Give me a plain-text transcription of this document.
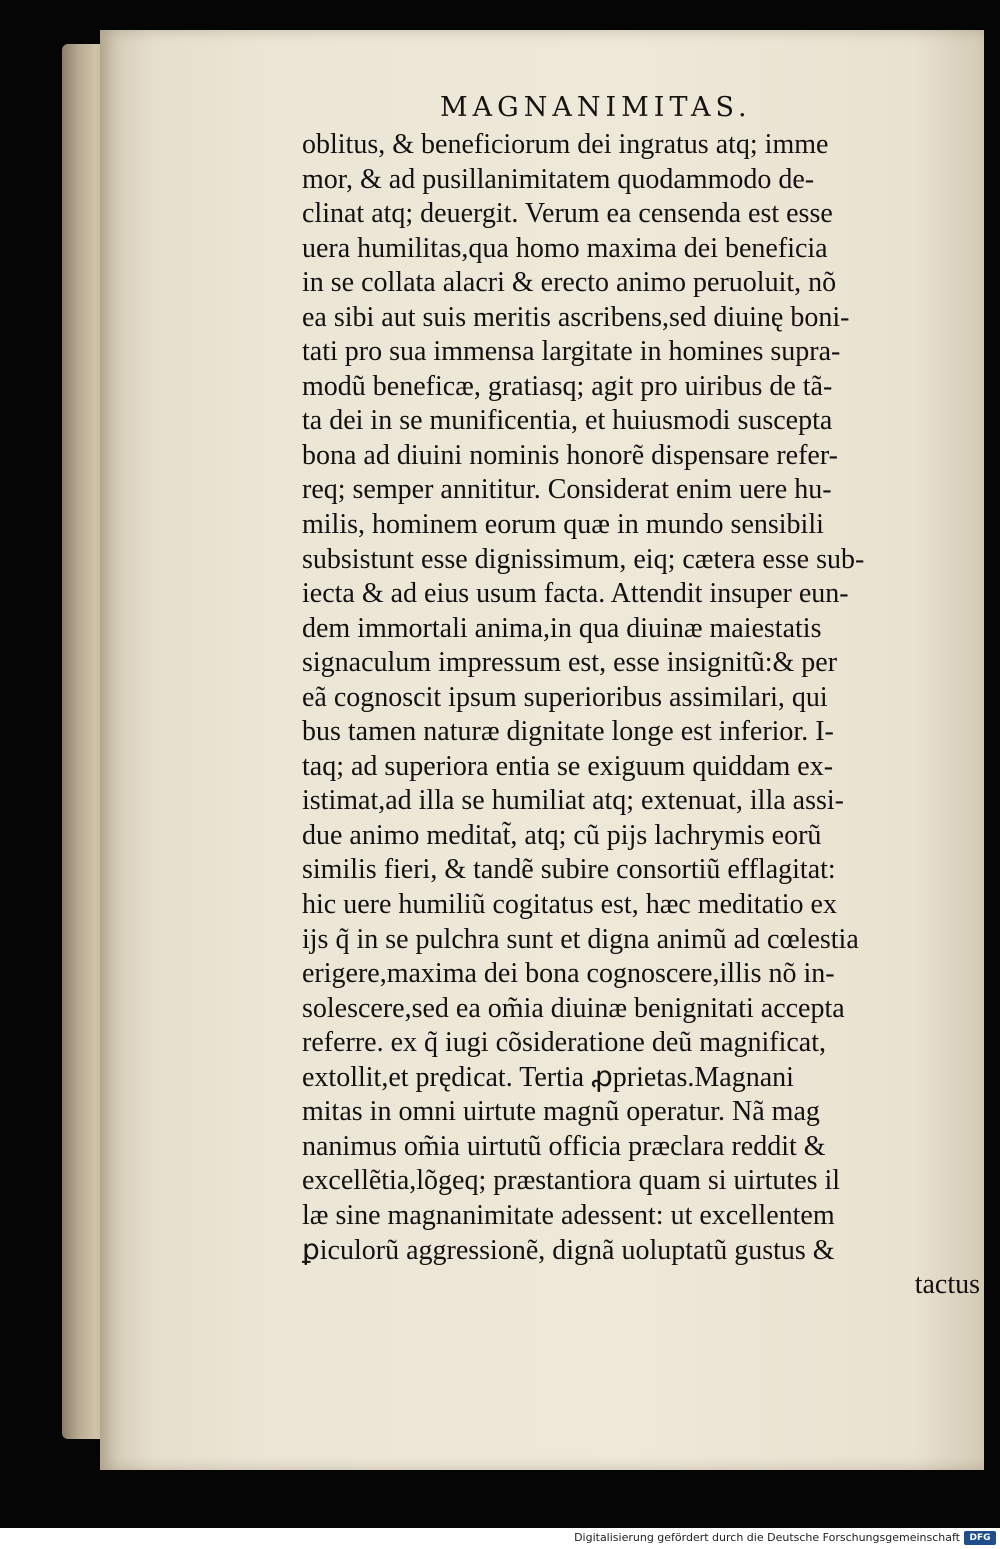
MAGNANIMITAS.
oblitus, & beneficiorum dei ingratus atq; imme
mor, & ad pusillanimitatem quodammodo de-
clinat atq; deuergit. Verum ea censenda est esse
uera humilitas,qua homo maxima dei beneficia
in se collata alacri & erecto animo peruoluit, nõ
ea sibi aut suis meritis ascribens,sed diuinę boni-
tati pro sua immensa largitate in homines supra-
modũ beneficæ, gratiasq; agit pro uiribus de tã-
ta dei in se munificentia, et huiusmodi suscepta
bona ad diuini nominis honorẽ dispensare refer-
req; semper annititur. Considerat enim uere hu-
milis, hominem eorum quæ in mundo sensibili
subsistunt esse dignissimum, eiq; cætera esse sub-
iecta & ad eius usum facta. Attendit insuper eun-
dem immortali anima,in qua diuinæ maiestatis
signaculum impressum est, esse insignitũ:& per
eã cognoscit ipsum superioribus assimilari, qui
bus tamen naturæ dignitate longe est inferior. I-
taq; ad superiora entia se exiguum quiddam ex-
istimat,ad illa se humiliat atq; extenuat, illa assi-
due animo meditat̃, atq; cũ pijs lachrymis eorũ
similis fieri, & tandẽ subire consortiũ efflagitat:
hic uere humiliũ cogitatus est, hæc meditatio ex
ijs q̃ in se pulchra sunt et digna animũ ad cœlestia
erigere,maxima dei bona cognoscere,illis nõ in-
solescere,sed ea om̃ia diuinæ benignitati accepta
referre. ex q̃ iugi cõsideratione deũ magnificat,
extollit,et prędicat. Tertia ꝓprietas.Magnani
mitas in omni uirtute magnũ operatur. Nã mag
nanimus om̃ia uirtutũ officia præclara reddit &
excellẽtia,lõgeq; præstantiora quam si uirtutes il
læ sine magnanimitate adessent: ut excellentem
ꝑiculorũ aggressionẽ, dignã uoluptatũ gustus &
tactus
Digitalisierung gefördert durch die Deutsche Forschungsgemeinschaft	DFG
